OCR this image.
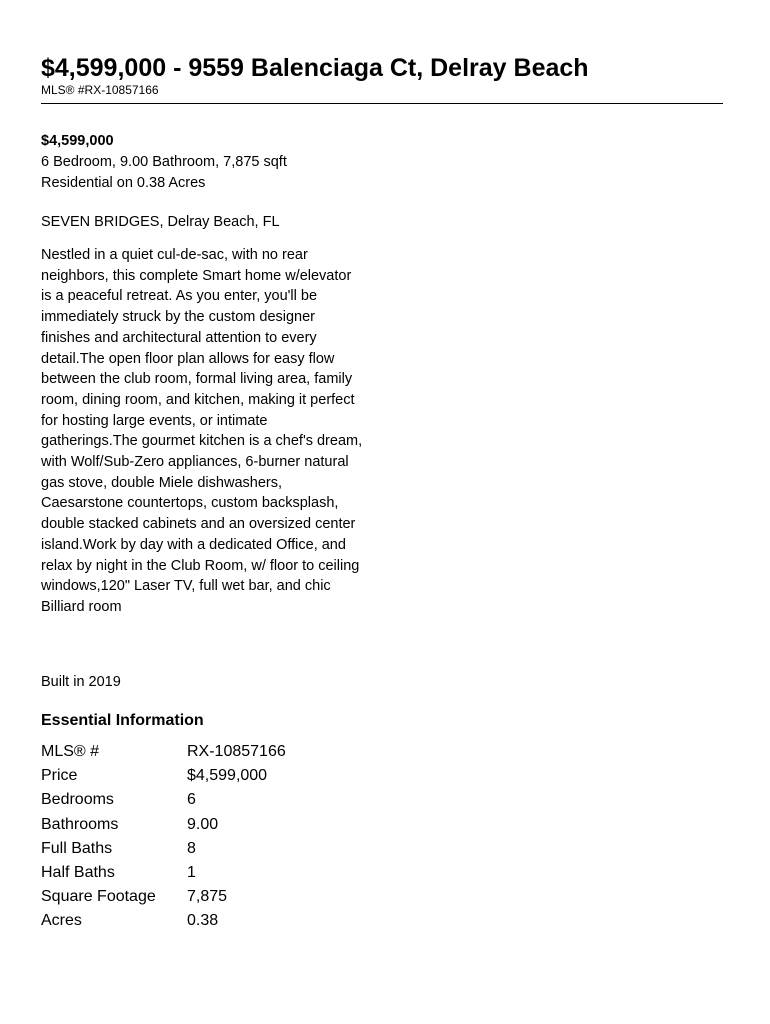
$4,599,000 - 9559 Balenciaga Ct, Delray Beach
MLS® #RX-10857166
$4,599,000
6 Bedroom, 9.00 Bathroom, 7,875 sqft
Residential on 0.38 Acres
SEVEN BRIDGES, Delray Beach, FL

Nestled in a quiet cul-de-sac, with no rear neighbors, this complete Smart home w/elevator is a peaceful retreat. As you enter, you'll be immediately struck by the custom designer finishes and architectural attention to every detail.The open floor plan allows for easy flow between the club room, formal living area, family room, dining room, and kitchen, making it perfect for hosting large events, or intimate gatherings.The gourmet kitchen is a chef's dream, with Wolf/Sub-Zero appliances, 6-burner natural gas stove, double Miele dishwashers, Caesarstone countertops, custom backsplash, double stacked cabinets and an oversized center island.Work by day with a dedicated Office, and relax by night in the Club Room, w/ floor to ceiling windows,120" Laser TV, full wet bar, and chic Billiard room

Built in 2019
Essential Information
MLS® #	RX-10857166
Price	$4,599,000
Bedrooms	6
Bathrooms	9.00
Full Baths	8
Half Baths	1
Square Footage	7,875
Acres	0.38
